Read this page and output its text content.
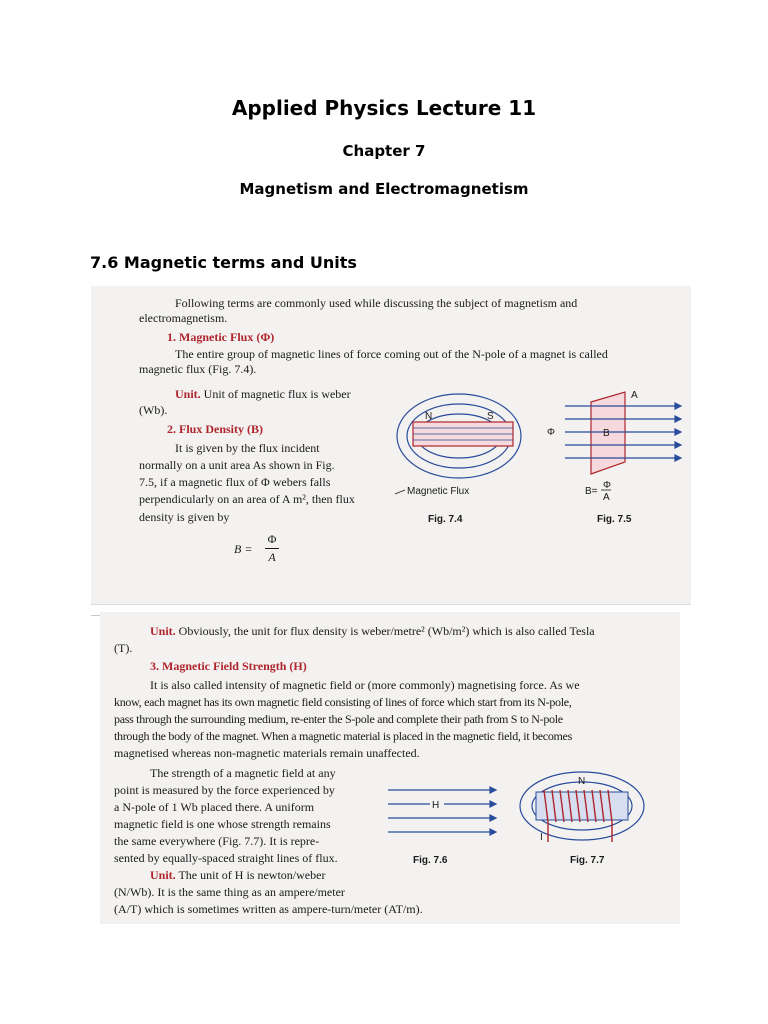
Applied Physics Lecture 11
Chapter 7
Magnetism and Electromagnetism
7.6 Magnetic terms and Units
Following terms are commonly used while discussing the subject of magnetism and
electromagnetism.
1. Magnetic Flux (Φ)
The entire group of magnetic lines of force coming out of the N-pole of a magnet is called
magnetic flux (Fig. 7.4).
Unit. Unit of magnetic flux is weber
(Wb).
2. Flux Density (B)
It is given by the flux incident
normally on a unit area As shown in Fig.
7.5, if a magnetic flux of Φ webers falls
perpendicularly on an area of A m², then flux
density is given by
B =
Φ
A
N	S
Magnetic Flux
Fig. 7.4
Φ
A
B
B=
Φ
A
Fig. 7.5
Unit. Obviously, the unit for flux density is weber/metre² (Wb/m²) which is also called Tesla
(T).
3. Magnetic Field Strength (H)
It is also called intensity of magnetic field or (more commonly) magnetising force. As we
know, each magnet has its own magnetic field consisting of lines of force which start from its N-pole,
pass through the surrounding medium, re-enter the S-pole and complete their path from S to N-pole
through the body of the magnet. When a magnetic material is placed in the magnetic field, it becomes
magnetised whereas non-magnetic materials remain unaffected.
The strength of a magnetic field at any
point is measured by the force experienced by
a N-pole of 1 Wb placed there. A uniform
magnetic field is one whose strength remains
the same everywhere (Fig. 7.7). It is repre-
sented by equally-spaced straight lines of flux.
Unit. The unit of H is newton/weber
(N/Wb). It is the same thing as an ampere/meter
(A/T) which is sometimes written as ampere-turn/meter (AT/m).
H
Fig. 7.6
N
I
Fig. 7.7
